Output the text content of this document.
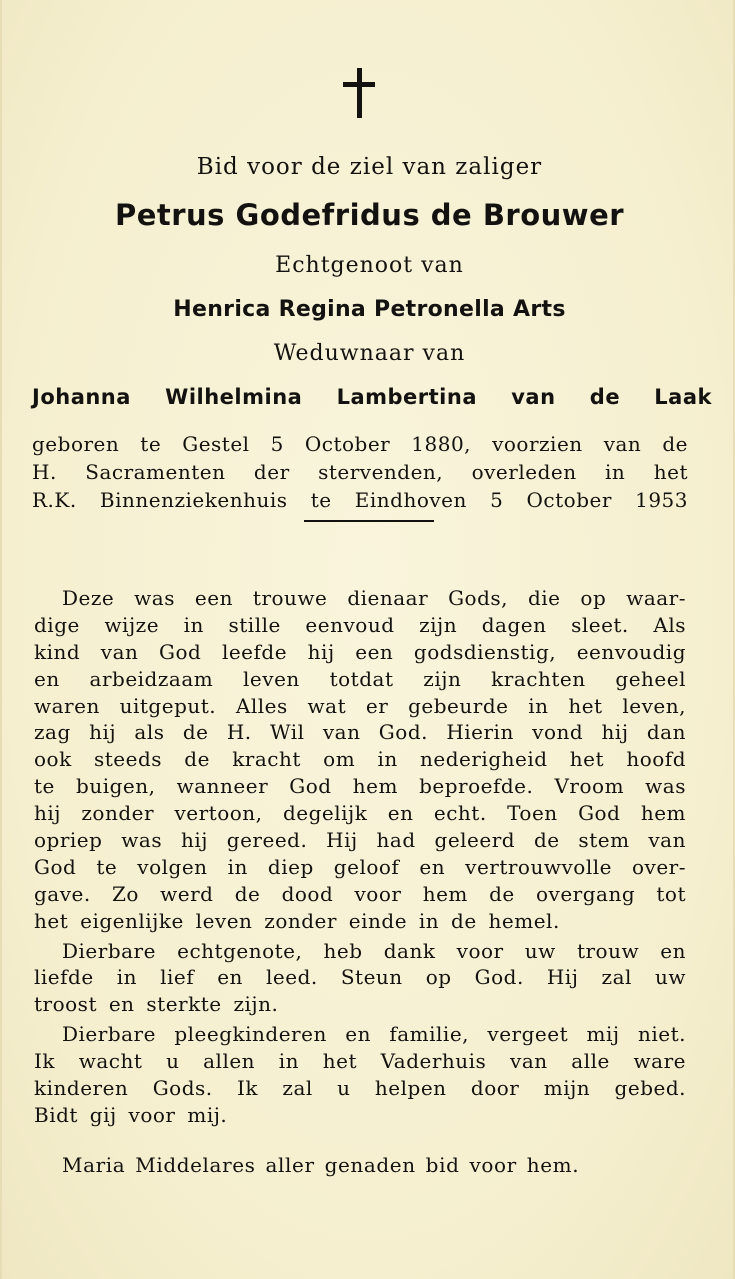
Bid voor de ziel van zaliger
Petrus Godefridus de Brouwer
Echtgenoot van
Henrica Regina Petronella Arts
Weduwnaar van
Johanna Wilhelmina Lambertina van de Laak

geboren te Gestel 5 October 1880, voorzien van de

H. Sacramenten der stervenden, overleden in het

R.K. Binnenziekenhuis te Eindhoven 5 October 1953

Deze was een trouwe dienaar Gods, die op waar-

dige wijze in stille eenvoud zijn dagen sleet. Als

kind van God leefde hij een godsdienstig, eenvoudig

en arbeidzaam leven totdat zijn krachten geheel

waren uitgeput. Alles wat er gebeurde in het leven,

zag hij als de H. Wil van God. Hierin vond hij dan

ook steeds de kracht om in nederigheid het hoofd

te buigen, wanneer God hem beproefde. Vroom was

hij zonder vertoon, degelijk en echt. Toen God hem

opriep was hij gereed. Hij had geleerd de stem van

God te volgen in diep geloof en vertrouwvolle over-

gave. Zo werd de dood voor hem de overgang tot

het eigenlijke leven zonder einde in de hemel.

Dierbare echtgenote, heb dank voor uw trouw en

liefde in lief en leed. Steun op God. Hij zal uw

troost en sterkte zijn.

Dierbare pleegkinderen en familie, vergeet mij niet.

Ik wacht u allen in het Vaderhuis van alle ware

kinderen Gods. Ik zal u helpen door mijn gebed.

Bidt gij voor mij.

Maria Middelares aller genaden bid voor hem.
